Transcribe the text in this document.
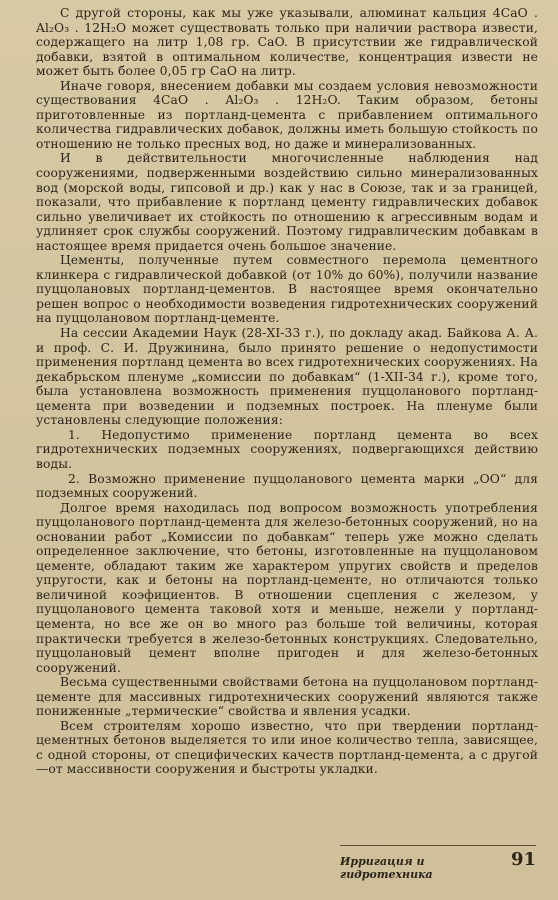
С другой стороны, как мы уже указывали, алюминат кальция 4CaO . Al₂O₃ . 12H₂O может существовать только при наличии раствора извести, содержащего на литр 1,08 гр. CaO. В присутствии же гидравлической добавки, взятой в оптимальном количестве, концентрация извести не может быть более 0,05 гр CaO на литр.

Иначе говоря, внесением добавки мы создаем условия невозможности существования 4CaO . Al₂O₃ . 12H₂O. Таким образом, бетоны приготовленные из портланд-цемента с прибавлением оптимального количества гидравлических добавок, должны иметь большую стойкость по отношению не только пресных вод, но даже и минерализованных.

И в действительности многочисленные наблюдения над сооружениями, подверженными воздействию сильно минерализованных вод (морской воды, гипсовой и др.) как у нас в Союзе, так и за границей, показали, что прибавление к портланд цементу гидравлических добавок сильно увеличивает их стойкость по отношению к агрессивным водам и удлиняет срок службы сооружений. Поэтому гидравлическим добавкам в настоящее время придается очень большое значение.

Цементы, полученные путем совместного перемола цементного клинкера с гидравлической добавкой (от 10% до 60%), получили название пуццолановых портланд-цементов. В настоящее время окончательно решен вопрос о необходимости возведения гидротехнических сооружений на пуццолановом портланд-цементе.

На сессии Академии Наук (28-XI-33 г.), по докладу акад. Байкова А. А. и проф. С. И. Дружинина, было принято решение о недопустимости применения портланд цемента во всех гидротехнических сооружениях. На декабрьском пленуме „комиссии по добавкам“ (1-XII-34 г.), кроме того, была установлена возможность применения пуццоланового портланд-цемента при возведении и подземных построек. На пленуме были установлены следующие положения:

1. Недопустимо применение портланд цемента во всех гидротехнических подземных сооружениях, подвергающихся действию воды.

2. Возможно применение пуццоланового цемента марки „ОО“ для подземных сооружений.

Долгое время находилась под вопросом возможность употребления пуццоланового портланд-цемента для железо-бетонных сооружений, но на основании работ „Комиссии по добавкам“ теперь уже можно сделать определенное заключение, что бетоны, изготовленные на пуццолановом цементе, обладают таким же характером упругих свойств и пределов упругости, как и бетоны на портланд-цементе, но отличаются только величиной коэфициентов. В отношении сцепления с железом, у пуццоланового цемента таковой хотя и меньше, нежели у портланд-цемента, но все же он во много раз больше той величины, которая практически требуется в железо-бетонных конструкциях. Следовательно, пуццолановый цемент вполне пригоден и для железо-бетонных сооружений.

Весьма существенными свойствами бетона на пуццолановом портланд-цементе для массивных гидротехнических сооружений являются также пониженные „термические“ свойства и явления усадки.

Всем строителям хорошо известно, что при твердении портланд-цементных бетонов выделяется то или иное количество тепла, зависящее, с одной стороны, от специфических качеств портланд-цемента, а с другой—от массивности сооружения и быстроты укладки.

Ирригация и гидротехника
91
